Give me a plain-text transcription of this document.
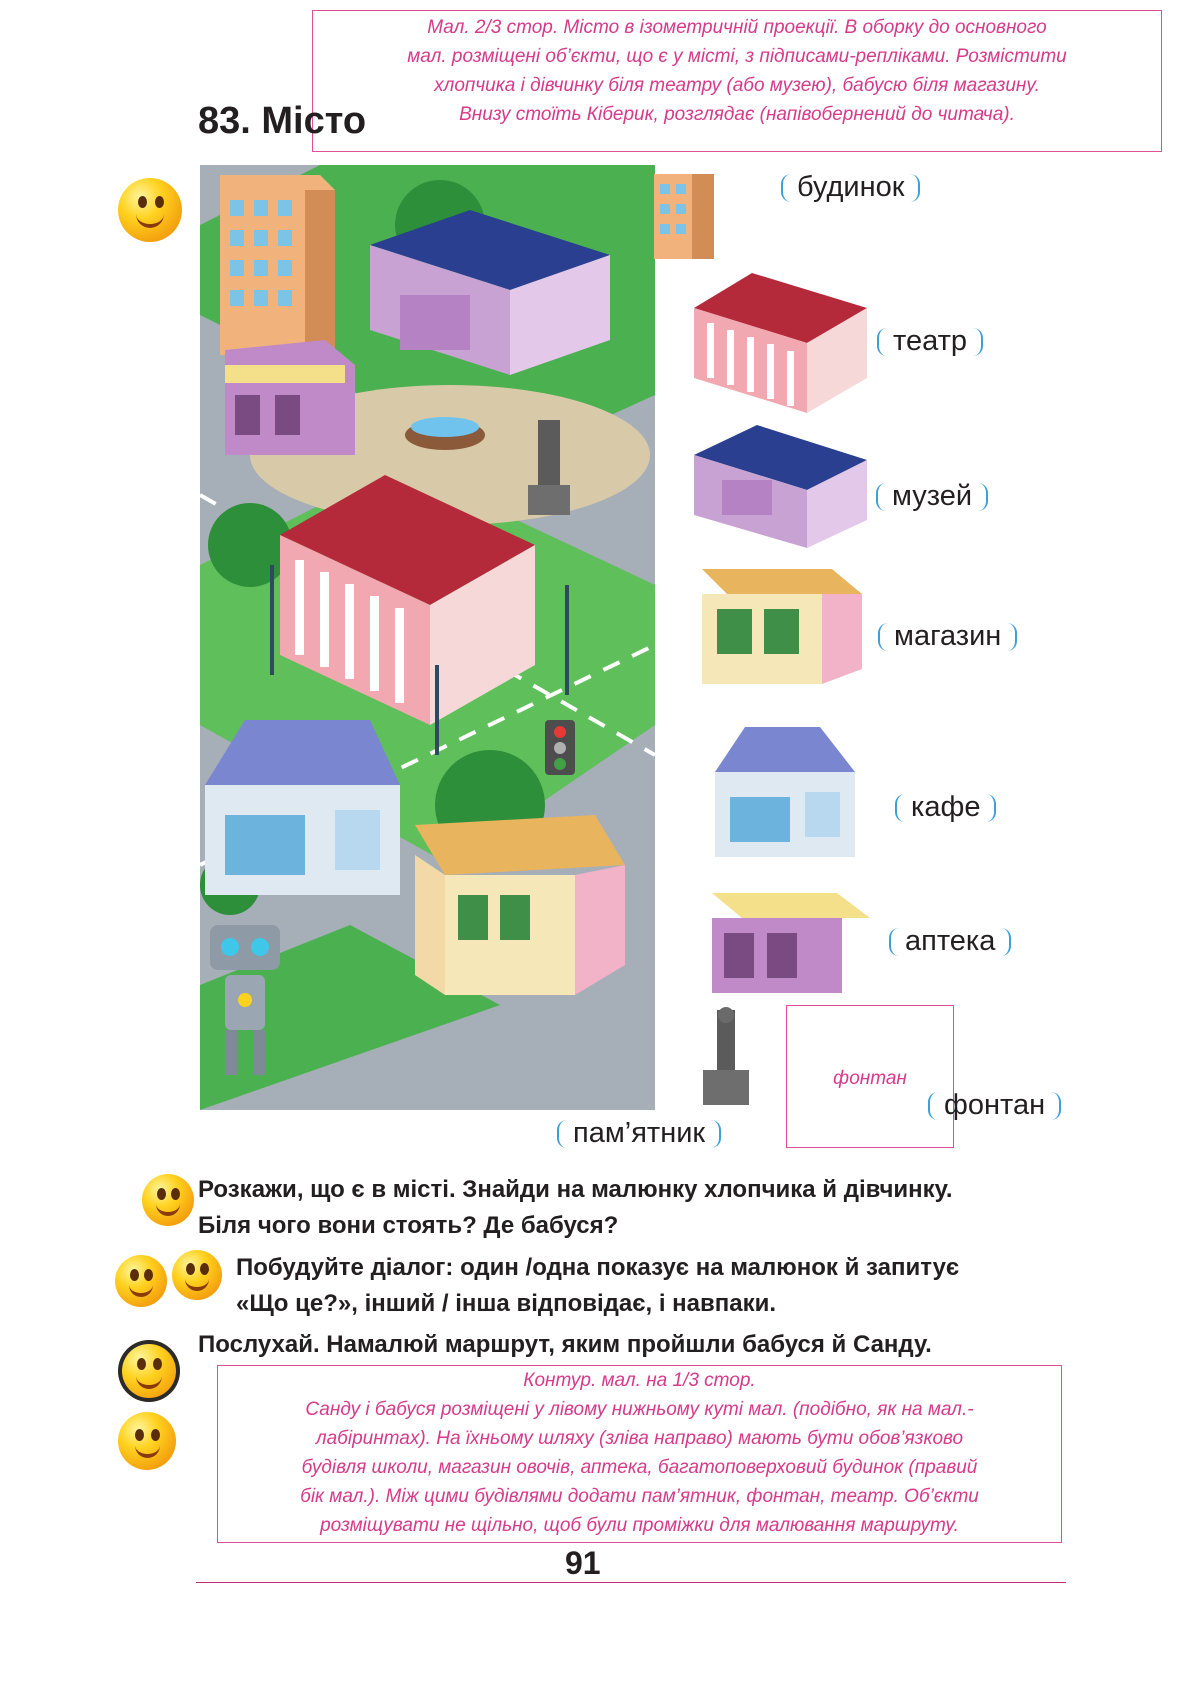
Мал. 2/3 стор. Місто в ізометричній проекції. В оборку до основного

мал. розміщені об’єкти, що є у місті, з підписами-репліками. Розмістити

хлопчика і дівчинку біля театру (або музею), бабусю біля магазину.

Внизу стоїть Кіберик, розглядає (напівобернений до читача).

83. Місто
фонтан
будинок
театр
музей
магазин
кафе
аптека
фонтан
пам’ятник
Розкажи, що є в місті. Знайди на малюнку хлопчика й дівчинку.
Біля чого вони стоять? Де бабуся?
Побудуйте діалог: один /одна показує на малюнок й запитує
«Що це?», інший / інша відповідає, і навпаки.
Послухай. Намалюй маршрут, яким пройшли бабуся й Санду.

Контур. мал. на 1/3 стор.

Санду і бабуся розміщені у лівому нижньому куті мал. (подібно, як на мал.-

лабіринтах). На їхньому шляху (зліва направо) мають бути обов’язково

будівля школи, магазин овочів, аптека, багатоповерховий будинок (правий

бік мал.). Між цими будівлями додати пам’ятник, фонтан, театр. Об’єкти

розміщувати не щільно, щоб були проміжки для малювання маршруту.

91
